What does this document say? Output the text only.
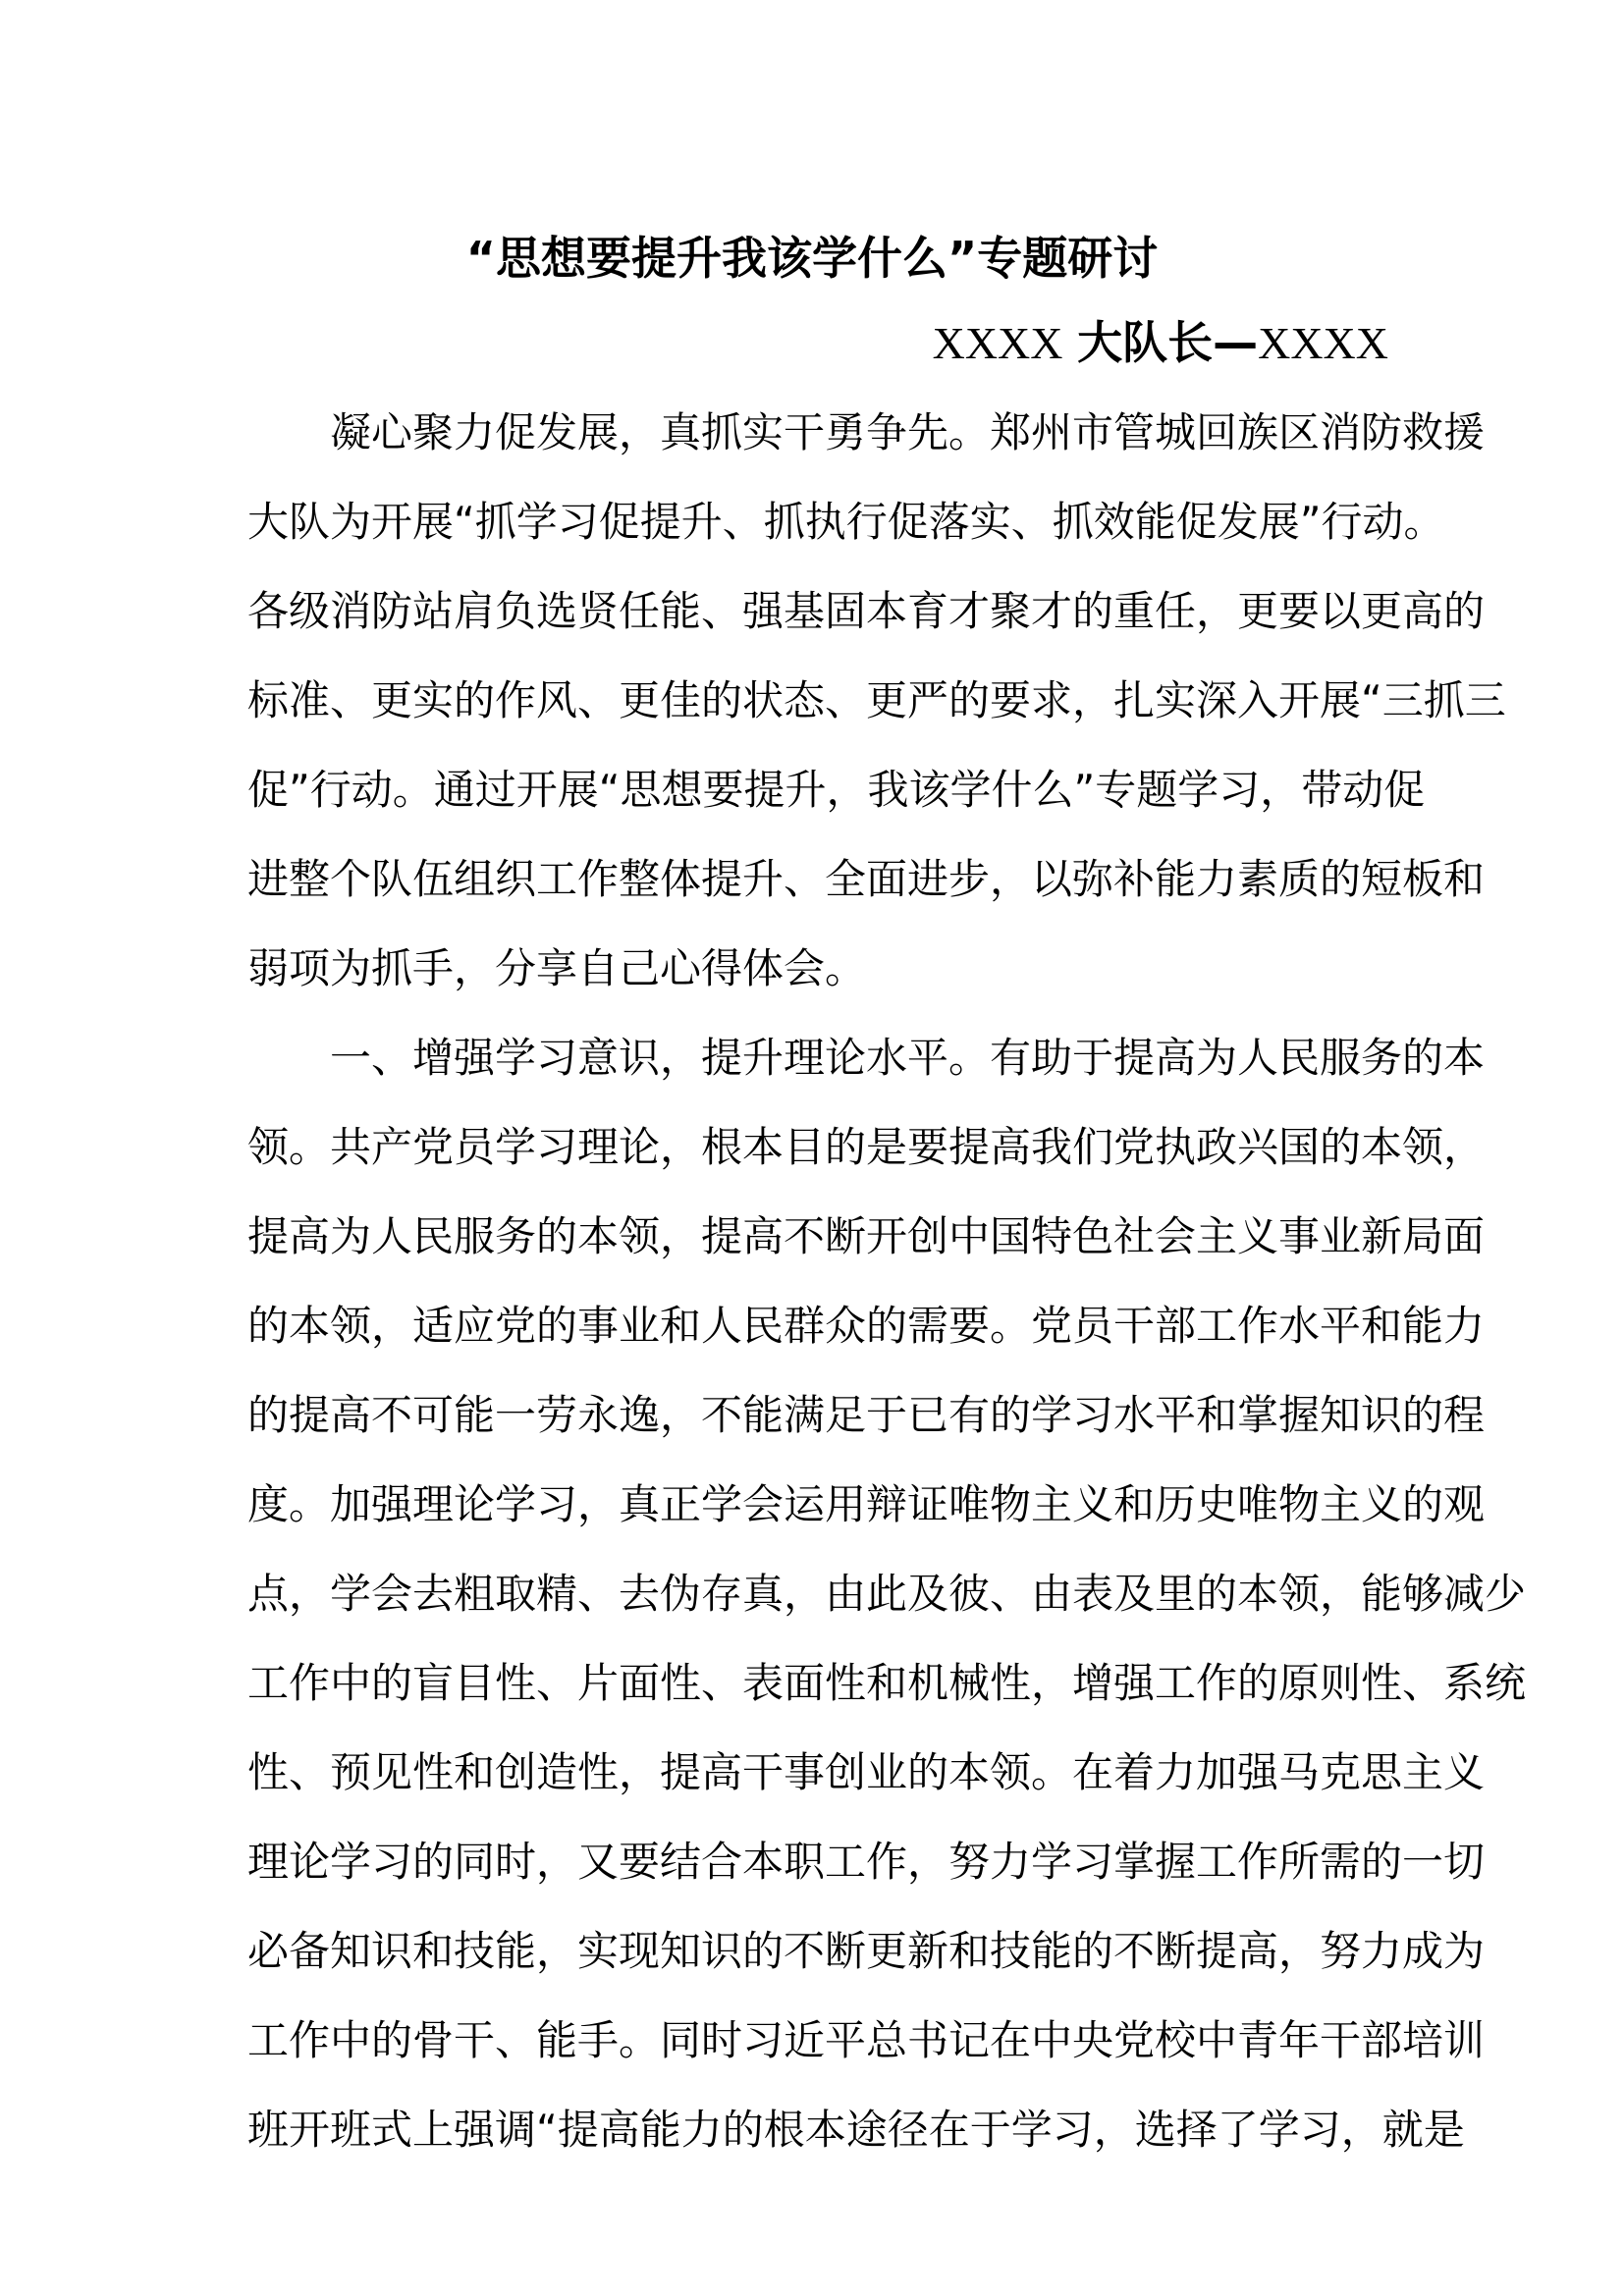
“思想要提升我该学什么”专题研讨
XXXX 大队长—XXXX
凝心聚力促发展，真抓实干勇争先。郑州市管城回族区消防救援
大队为开展“抓学习促提升、抓执行促落实、抓效能促发展”行动。
各级消防站肩负选贤任能、强基固本育才聚才的重任，更要以更高的
标准、更实的作风、更佳的状态、更严的要求，扎实深入开展“三抓三
促”行动。通过开展“思想要提升，我该学什么”专题学习，带动促
进整个队伍组织工作整体提升、全面进步，以弥补能力素质的短板和
弱项为抓手，分享自己心得体会。
一、增强学习意识，提升理论水平。有助于提高为人民服务的本
领。共产党员学习理论，根本目的是要提高我们党执政兴国的本领，
提高为人民服务的本领，提高不断开创中国特色社会主义事业新局面
的本领，适应党的事业和人民群众的需要。党员干部工作水平和能力
的提高不可能一劳永逸，不能满足于已有的学习水平和掌握知识的程
度。加强理论学习，真正学会运用辩证唯物主义和历史唯物主义的观
点，学会去粗取精、去伪存真，由此及彼、由表及里的本领，能够减少
工作中的盲目性、片面性、表面性和机械性，增强工作的原则性、系统
性、预见性和创造性，提高干事创业的本领。在着力加强马克思主义
理论学习的同时，又要结合本职工作，努力学习掌握工作所需的一切
必备知识和技能，实现知识的不断更新和技能的不断提高，努力成为
工作中的骨干、能手。同时习近平总书记在中央党校中青年干部培训
班开班式上强调“提高能力的根本途径在于学习，选择了学习，就是
